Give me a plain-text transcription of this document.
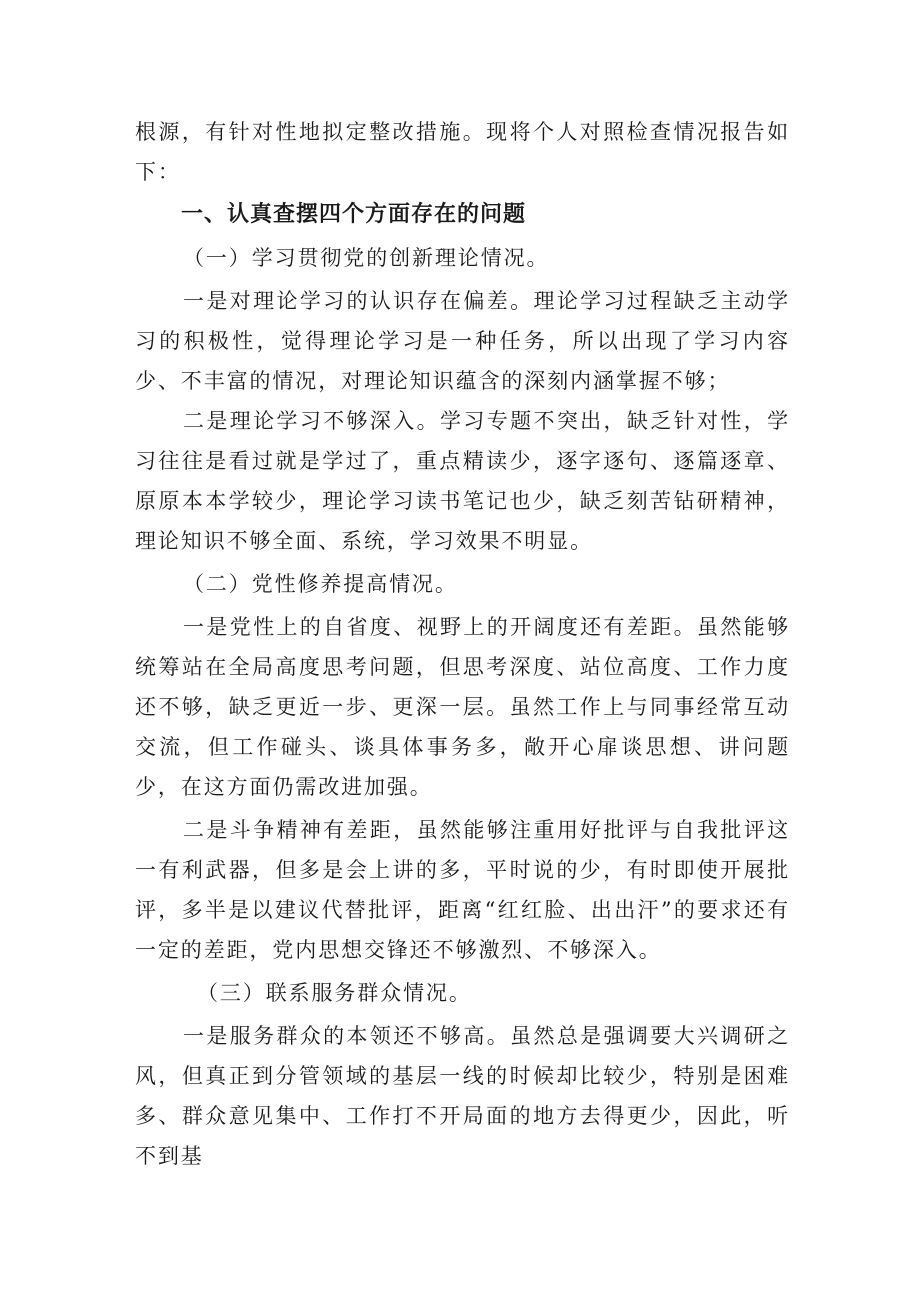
根源，有针对性地拟定整改措施。现将个人对照检查情况报告如下：

一、认真查摆四个方面存在的问题

（一）学习贯彻党的创新理论情况。

一是对理论学习的认识存在偏差。理论学习过程缺乏主动学习的积极性，觉得理论学习是一种任务，所以出现了学习内容少、不丰富的情况，对理论知识蕴含的深刻内涵掌握不够；

二是理论学习不够深入。学习专题不突出，缺乏针对性，学习往往是看过就是学过了，重点精读少，逐字逐句、逐篇逐章、原原本本学较少，理论学习读书笔记也少，缺乏刻苦钻研精神，理论知识不够全面、系统，学习效果不明显。

（二）党性修养提高情况。

一是党性上的自省度、视野上的开阔度还有差距。虽然能够统筹站在全局高度思考问题，但思考深度、站位高度、工作力度还不够，缺乏更近一步、更深一层。虽然工作上与同事经常互动交流，但工作碰头、谈具体事务多，敞开心扉谈思想、讲问题少，在这方面仍需改进加强。

二是斗争精神有差距，虽然能够注重用好批评与自我批评这一有利武器，但多是会上讲的多，平时说的少，有时即使开展批评，多半是以建议代替批评，距离“红红脸、出出汗”的要求还有一定的差距，党内思想交锋还不够激烈、不够深入。

（三）联系服务群众情况。

一是服务群众的本领还不够高。虽然总是强调要大兴调研之风，但真正到分管领域的基层一线的时候却比较少，特别是困难多、群众意见集中、工作打不开局面的地方去得更少，因此，听不到基
